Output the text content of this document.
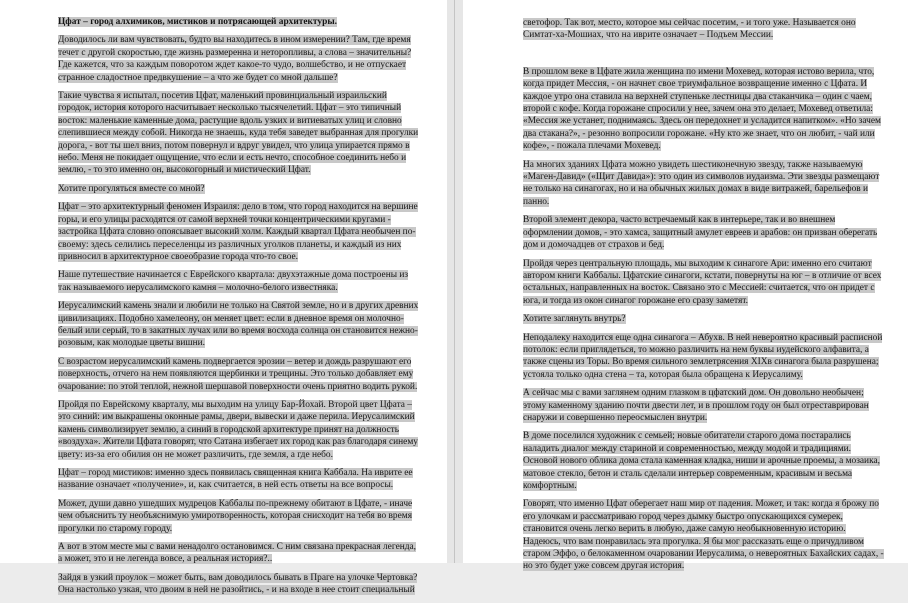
Цфат – город алхимиков, мистиков и потрясающей архитектуры.
Доводилось ли вам чувствовать, будто вы находитесь в ином измерении? Там, где время течет с другой скоростью, где жизнь размеренна и неторопливы, а слова – значительны? Где кажется, что за каждым поворотом ждет какое-то чудо, волшебство, и не отпускает странное сладостное предвкушение – а что же будет со мной дальше?
Такие чувства я испытал, посетив Цфат, маленький провинциальный израильский городок, история которого насчитывает несколько тысячелетий. Цфат – это типичный восток: маленькие каменные дома, растущие вдоль узких и витиеватых улиц и словно слепившиеся между собой. Никогда не знаешь, куда тебя заведет выбранная для прогулки дорога, - вот ты шел вниз, потом повернул и вдруг увидел, что улица упирается прямо в небо. Меня не покидает ощущение, что если и есть нечто, способное соединить небо и землю, - то это именно он, высокогорный и мистический Цфат.
Хотите прогуляться вместе со мной?
Цфат – это архитектурный феномен Израиля: дело в том, что город находится на вершине горы, и его улицы расходятся от самой верхней точки концентрическими кругами - застройка Цфата словно опоясывает высокий холм. Каждый квартал Цфата необычен по-своему: здесь селились переселенцы из различных уголков планеты, и каждый из них привносил в архитектурное своеобразие города что-то свое.
Наше путешествие начинается с Еврейского квартала: двухэтажные дома построены из так называемого иерусалимского камня – молочно-белого известняка.
Иерусалимский камень знали и любили не только на Святой земле, но и в других древних цивилизациях. Подобно хамелеону, он меняет цвет: если в дневное время он молочно-белый или серый, то в закатных лучах или во время восхода солнца он становится нежно-розовым, как молодые цветы вишни.
С возрастом иерусалимский камень подвергается эрозии – ветер и дождь разрушают его поверхность, отчего на нем появляются щербинки и трещины. Это только добавляет ему очарование: по этой теплой, нежной шершавой поверхности очень приятно водить рукой.
Пройдя по Еврейскому кварталу, мы выходим на улицу Бар-Йохай. Второй цвет Цфата – это синий: им выкрашены оконные рамы, двери, вывески и даже перила. Иерусалимский камень символизирует землю, а синий в городской архитектуре принят на должность «воздуха». Жители Цфата говорят, что Сатана избегает их город как раз благодаря синему цвету: из-за его обилия он не может различить, где земля, а где небо.
Цфат – город мистиков: именно здесь появилась священная книга Каббала. На иврите ее название означает «получение», и, как считается, в ней есть ответы на все вопросы.
Может, души давно ушедших мудрецов Каббалы по-прежнему обитают в Цфате, - иначе чем объяснить ту необъяснимую умиротворенность, которая снисходит на тебя во время прогулки по старому городу.
А вот в этом месте мы с вами ненадолго остановимся. С ним связана прекрасная легенда, а может, это и не легенда вовсе, а реальная история?..
Зайдя в узкий проулок – может быть, вам доводилось бывать в Праге на улочке Чертовка? Она настолько узкая, что двоим в ней не разойтись, - и на входе в нее стоит специальный
светофор. Так вот, место, которое мы сейчас посетим, - и того уже. Называется оно Симтат-ха-Мошиах, что на иврите означает – Подъем Мессии.
В прошлом веке в Цфате жила женщина по имени Мохевед, которая истово верила, что, когда придет Мессия, - он начнет свое триумфальное возвращение именно с Цфата. И каждое утро она ставила на верхней ступеньке лестницы два стаканчика – один с чаем, второй с кофе. Когда горожане спросили у нее, зачем она это делает, Мохевед ответила: «Мессия же устанет, поднимаясь. Здесь он передохнет и усладится напитком». «Но зачем два стакана?», - резонно вопросили горожане. «Ну кто же знает, что он любит, - чай или кофе», - пожала плечами Мохевед.
На многих зданиях Цфата можно увидеть шестиконечную звезду, также называемую «Маген-Давид» («Щит Давида»): это один из символов иудаизма. Эти звезды размещают не только на синагогах, но и на обычных жилых домах в виде витражей, барельефов и панно.
Второй элемент декора, часто встречаемый как в интерьере, так и во внешнем оформлении домов, - это хамса, защитный амулет евреев и арабов: он призван оберегать дом и домочадцев от страхов и бед.
Пройдя через центральную площадь, мы выходим к синагоге Ари: именно его считают автором книги Каббалы. Цфатские синагоги, кстати, повернуты на юг – в отличие от всех остальных, направленных на восток. Связано это с Мессией: считается, что он придет с юга, и тогда из окон синагог горожане его сразу заметят.
Хотите заглянуть внутрь?
Неподалеку находится еще одна синагога – Абухв. В ней невероятно красивый расписной потолок: если приглядеться, то можно различить на нем буквы иудейского алфавита, а также сцены из Торы. Во время сильного землетрясения XIXв синагога была разрушена; устояла только одна стена – та, которая была обращена к Иерусалиму.
А сейчас мы с вами заглянем одним глазком в цфатский дом. Он довольно необычен; этому каменному зданию почти двести лет, и в прошлом году он был отреставрирован снаружи и совершенно переосмыслен внутри.
В доме поселился художник с семьей; новые обитатели старого дома постарались наладить диалог между стариной и современностью, между модой и традициями. Основой нового облика дома стала каменная кладка, ниши и арочные проемы, а мозаика, матовое стекло, бетон и сталь сделали интерьер современным, красивым и весьма комфортным.
Говорят, что именно Цфат оберегает наш мир от падения. Может, и так: когда я брожу по его улочкам и рассматриваю город через дымку быстро опускающихся сумерек, становится очень легко верить в любую, даже самую необыкновенную историю. Надеюсь, что вам понравилась эта прогулка. Я бы мог рассказать еще о причудливом старом Эффо, о белокаменном очаровании Иерусалима, о невероятных Бахайских садах, - но это будет уже совсем другая история.
